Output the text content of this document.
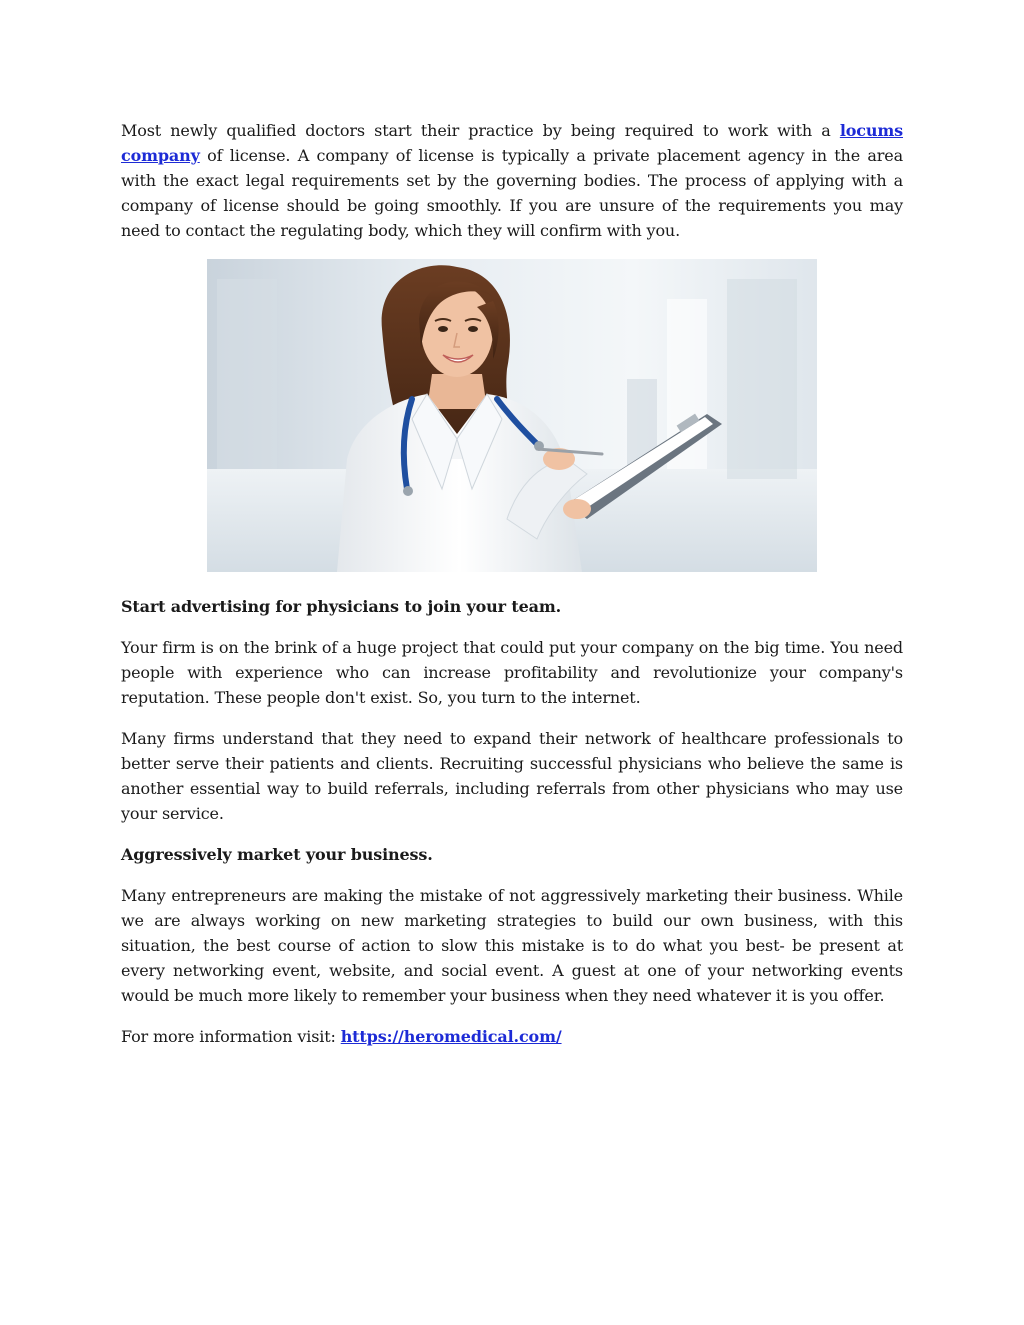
Most newly qualified doctors start their practice by being required to work with a locums company of license. A company of license is typically a private placement agency in the area with the exact legal requirements set by the governing bodies. The process of applying with a company of license should be going smoothly. If you are unsure of the requirements you may need to contact the regulating body, which they will confirm with you.

Start advertising for physicians to join your team.

Your firm is on the brink of a huge project that could put your company on the big time. You need people with experience who can increase profitability and revolutionize your company's reputation. These people don't exist. So, you turn to the internet.

Many firms understand that they need to expand their network of healthcare professionals to better serve their patients and clients. Recruiting successful physicians who believe the same is another essential way to build referrals, including referrals from other physicians who may use your service.

Aggressively market your business.

Many entrepreneurs are making the mistake of not aggressively marketing their business. While we are always working on new marketing strategies to build our own business, with this situation, the best course of action to slow this mistake is to do what you best- be present at every networking event, website, and social event. A guest at one of your networking events would be much more likely to remember your business when they need whatever it is you offer.

For more information visit: https://heromedical.com/
